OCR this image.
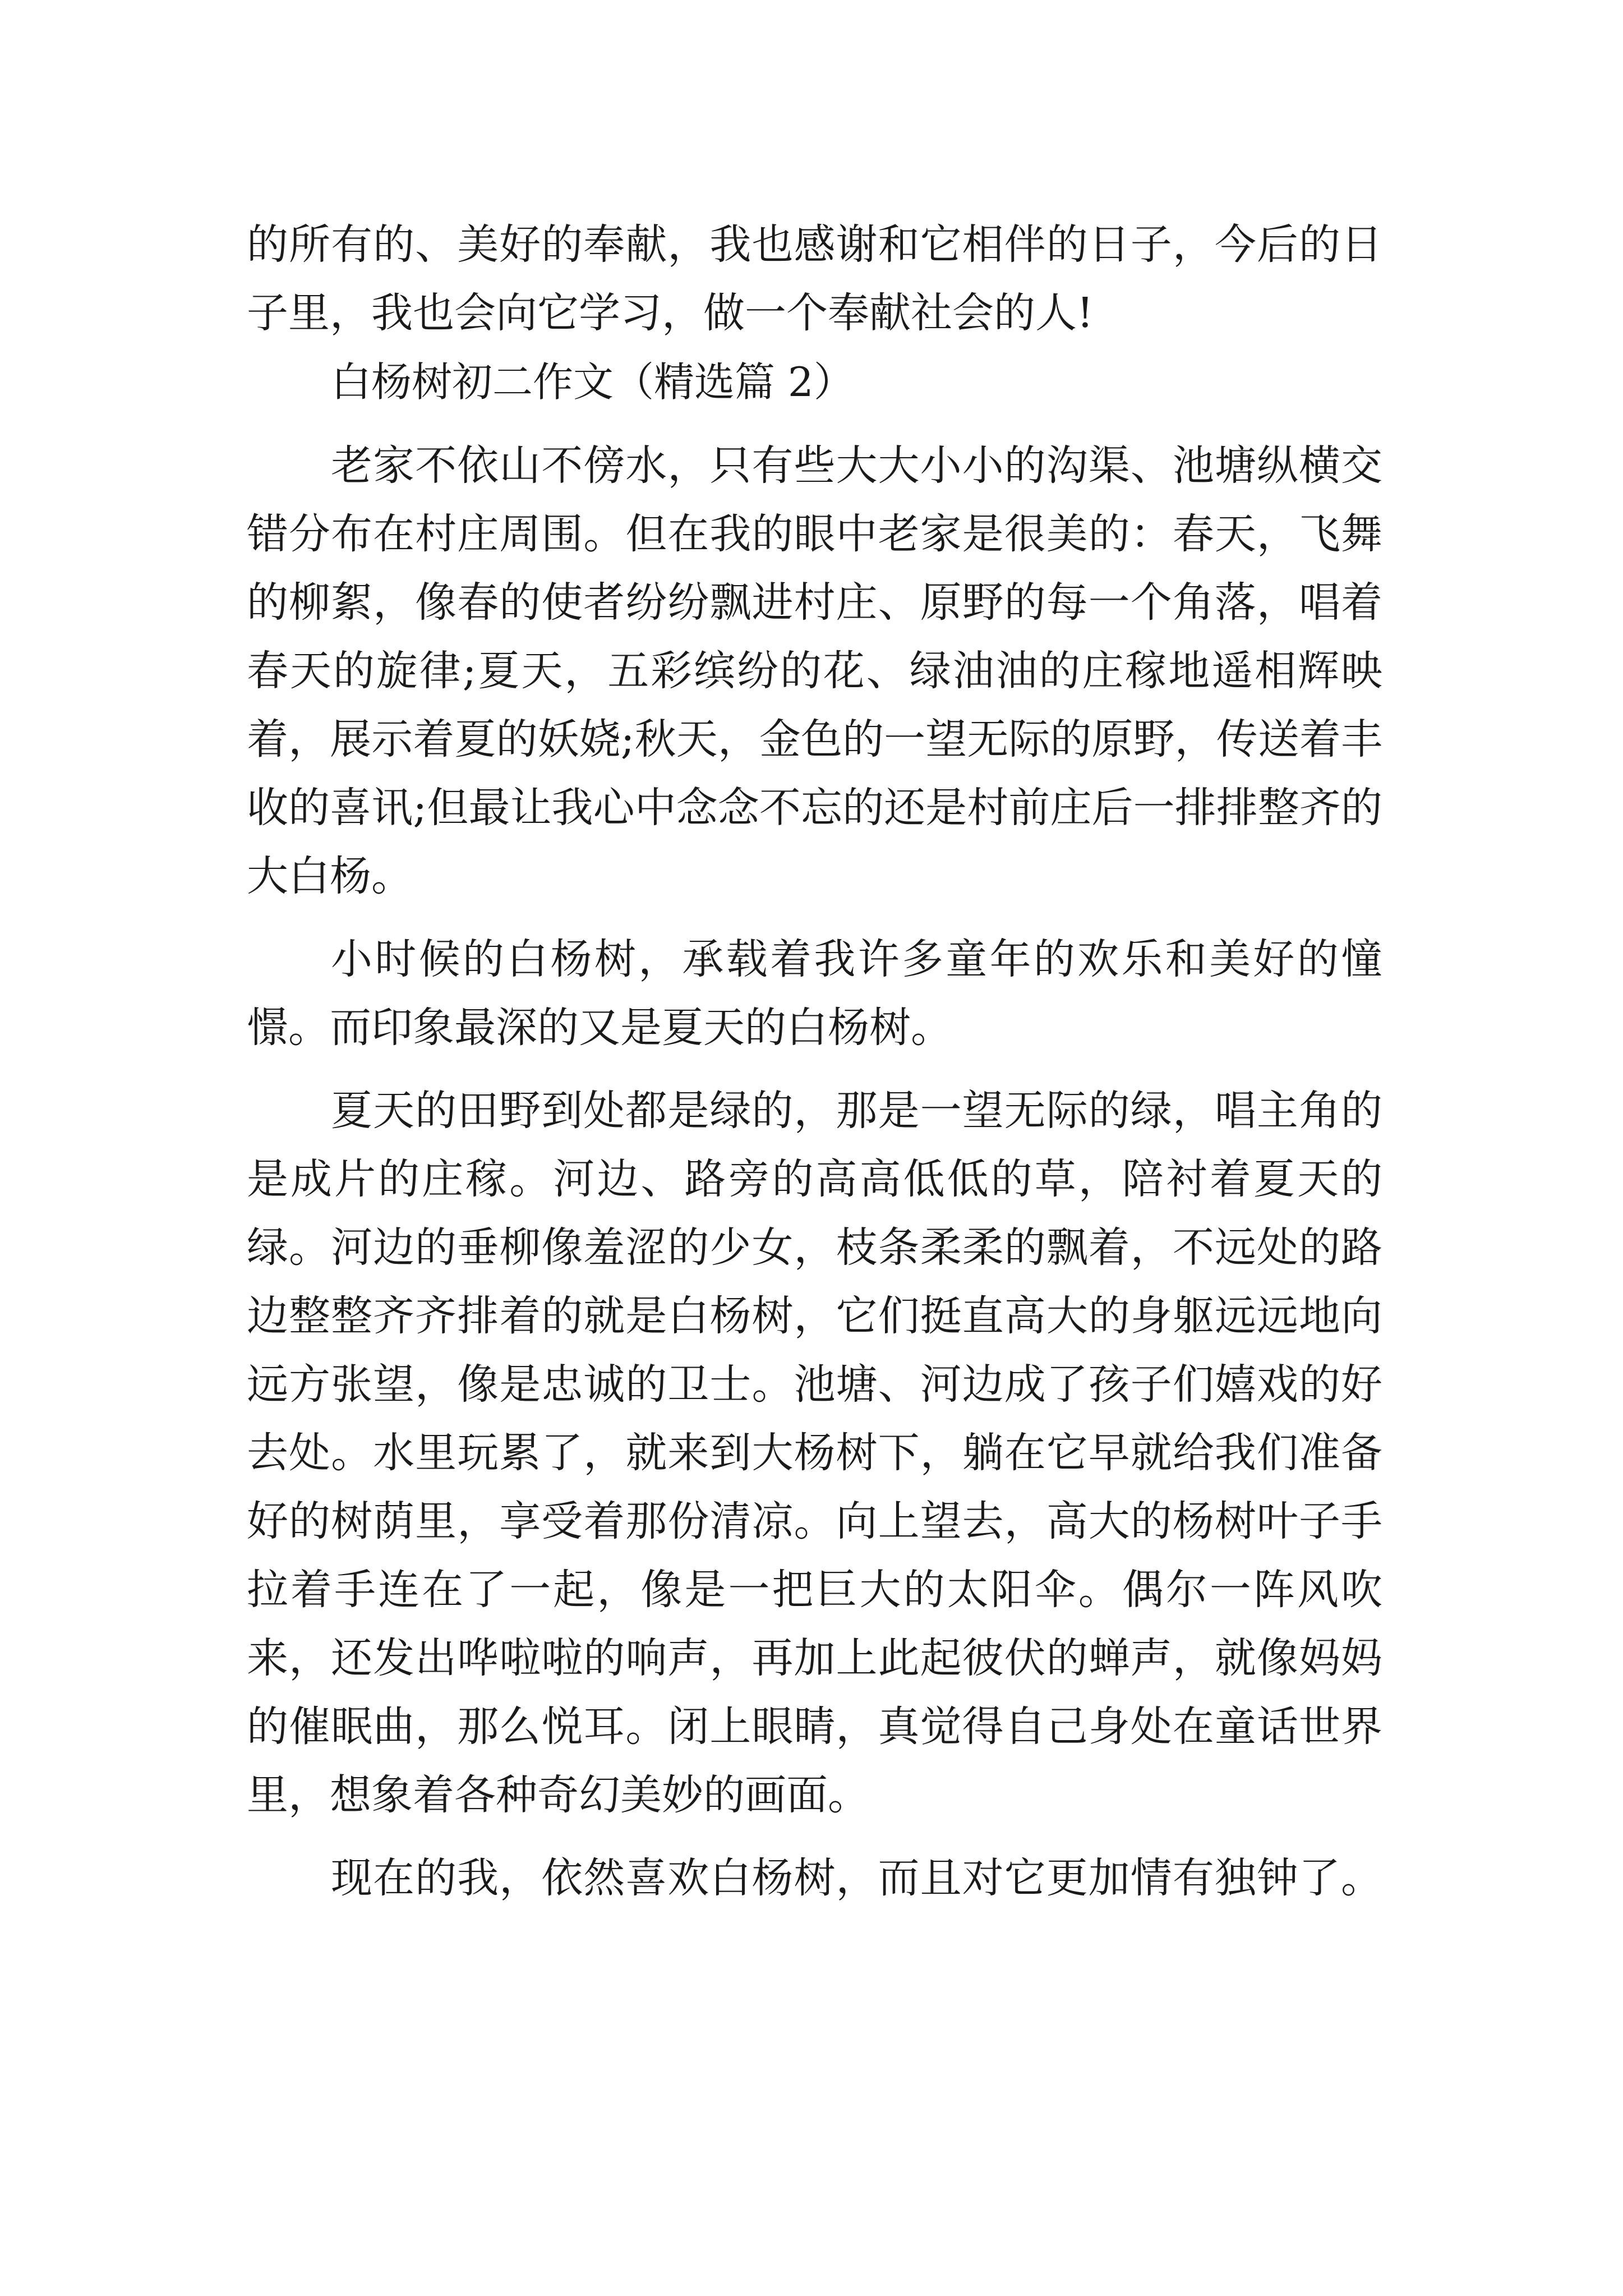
的所有的、美好的奉献，我也感谢和它相伴的日子，今后的日子里，我也会向它学习，做一个奉献社会的人!

白杨树初二作文（精选篇 2）

老家不依山不傍水，只有些大大小小的沟渠、池塘纵横交错分布在村庄周围。但在我的眼中老家是很美的：春天，飞舞的柳絮，像春的使者纷纷飘进村庄、原野的每一个角落，唱着春天的旋律;夏天，五彩缤纷的花、绿油油的庄稼地遥相辉映着，展示着夏的妖娆;秋天，金色的一望无际的原野，传送着丰收的喜讯;但最让我心中念念不忘的还是村前庄后一排排整齐的大白杨。

小时候的白杨树，承载着我许多童年的欢乐和美好的憧憬。而印象最深的又是夏天的白杨树。

夏天的田野到处都是绿的，那是一望无际的绿，唱主角的是成片的庄稼。河边、路旁的高高低低的草，陪衬着夏天的绿。河边的垂柳像羞涩的少女，枝条柔柔的飘着，不远处的路边整整齐齐排着的就是白杨树，它们挺直高大的身躯远远地向远方张望，像是忠诚的卫士。池塘、河边成了孩子们嬉戏的好去处。水里玩累了，就来到大杨树下，躺在它早就给我们准备好的树荫里，享受着那份清凉。向上望去，高大的杨树叶子手拉着手连在了一起，像是一把巨大的太阳伞。偶尔一阵风吹来，还发出哗啦啦的响声，再加上此起彼伏的蝉声，就像妈妈的催眠曲，那么悦耳。闭上眼睛，真觉得自己身处在童话世界里，想象着各种奇幻美妙的画面。

现在的我，依然喜欢白杨树，而且对它更加情有独钟了。
